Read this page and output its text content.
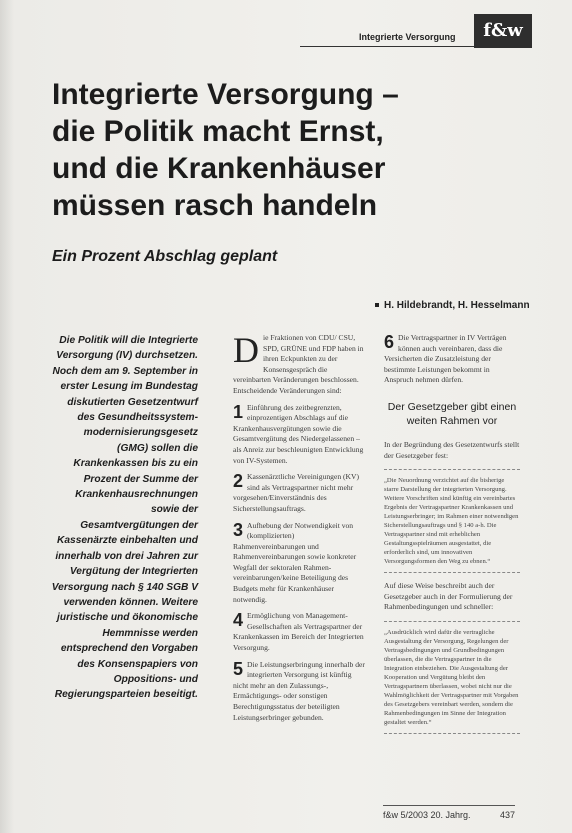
Integrierte Versorgung	f&w
Integrierte Versorgung –
die Politik macht Ernst,
und die Krankenhäuser
müssen rasch handeln
Ein Prozent Abschlag geplant
H. Hildebrandt, H. Hesselmann
Die Politik will die Integrierte Versorgung (IV) durchsetzen. Noch dem am 9. September in erster Lesung im Bundestag diskutierten Gesetzentwurf des Gesundheitssystem-modernisierungsgesetz (GMG) sollen die Krankenkassen bis zu ein Prozent der Summe der Krankenhausrechnungen sowie der Gesamtvergütungen der Kassenärzte einbehalten und innerhalb von drei Jahren zur Vergütung der Integrierten Versorgung nach § 140 SGB V verwenden können. Weitere juristische und ökonomische Hemmnisse werden entsprechend den Vorgaben des Konsenspapiers von Oppositions- und Regierungsparteien beseitigt.
Die Fraktionen von CDU/ CSU, SPD, GRÜNE und FDP haben in ihren Eckpunkten zu der Konsensgespräch die vereinbarten Veränderungen beschlossen. Entscheidende Veränderungen sind:
1 Einführung des zeitbegrenzten, einprozentigen Abschlags auf die Krankenhausvergütungen sowie die Gesamtvergütung des Niedergelassenen – als Anreiz zur beschleunigten Entwicklung von IV-Systemen.
2 Kassenärztliche Vereinigungen (KV) sind als Vertragspartner nicht mehr vorgesehen/Einverständnis des Sicherstellungsauftrags.
3 Aufhebung der Notwendigkeit von (komplizierten) Rahmenvereinbarungen und Rahmenvereinbarungen sowie konkreter Wegfall der sektoralen Rahmen-vereinbarungen/keine Beteiligung des Budgets mehr für Krankenhäuser notwendig.
4 Ermöglichung von Management-Gesellschaften als Vertragspartner der Krankenkassen im Bereich der Integrierten Versorgung.
5 Die Leistungserbringung innerhalb der integrierten Versorgung ist künftig nicht mehr an den Zulassungs-, Ermächtigungs- oder sonstigen Berechtigungsstatus der beteiligten Leistungserbringer gebunden.
6 Die Vertragspartner in IV Verträgen können auch vereinbaren, dass die Versicherten die Zusatzleistung der bestimmte Leistungen bekommt in Anspruch nehmen dürfen.
Der Gesetzgeber gibt einen weiten Rahmen vor
In der Begründung des Gesetzentwurfs stellt der Gesetzgeber fest:
„Die Neuordnung verzichtet auf die bisherige starre Darstellung der integrierten Versorgung. Weitere Vorschriften sind künftig ein vereinbartes Ergebnis der Vertragspartner Krankenkassen und Leistungserbringer; im Rahmen einer notwendigen Sicherstellungsauftrags und § 140 a-h. Die Vertragspartner sind mit erheblichen Gestaltungsspielräumen ausgestattet, die erforderlich sind, um innovativen Versorgungsformen den Weg zu ebnen.“
Auf diese Weise beschreibt auch der Gesetzgeber auch in der Formulierung der Rahmenbedingungen und schneller:
„Ausdrücklich wird dafür die vertragliche Ausgestaltung der Versorgung, Regelungen der Vertragsbedingungen und Grundbedingungen überlassen, die die Vertragspartner in die Integration einbeziehen. Die Ausgestaltung der Kooperation und Vergütung bleibt den Vertragspartnern überlassen, wobei nicht nur die Wahlmöglichkeit der Vertragspartner mit Vorgaben des Gesetzgebers vereinbart werden, sondern die Rahmenbedingungen im Sinne der Integration gestaltet werden.“
f&w 5/2003 20. Jahrg.	437
